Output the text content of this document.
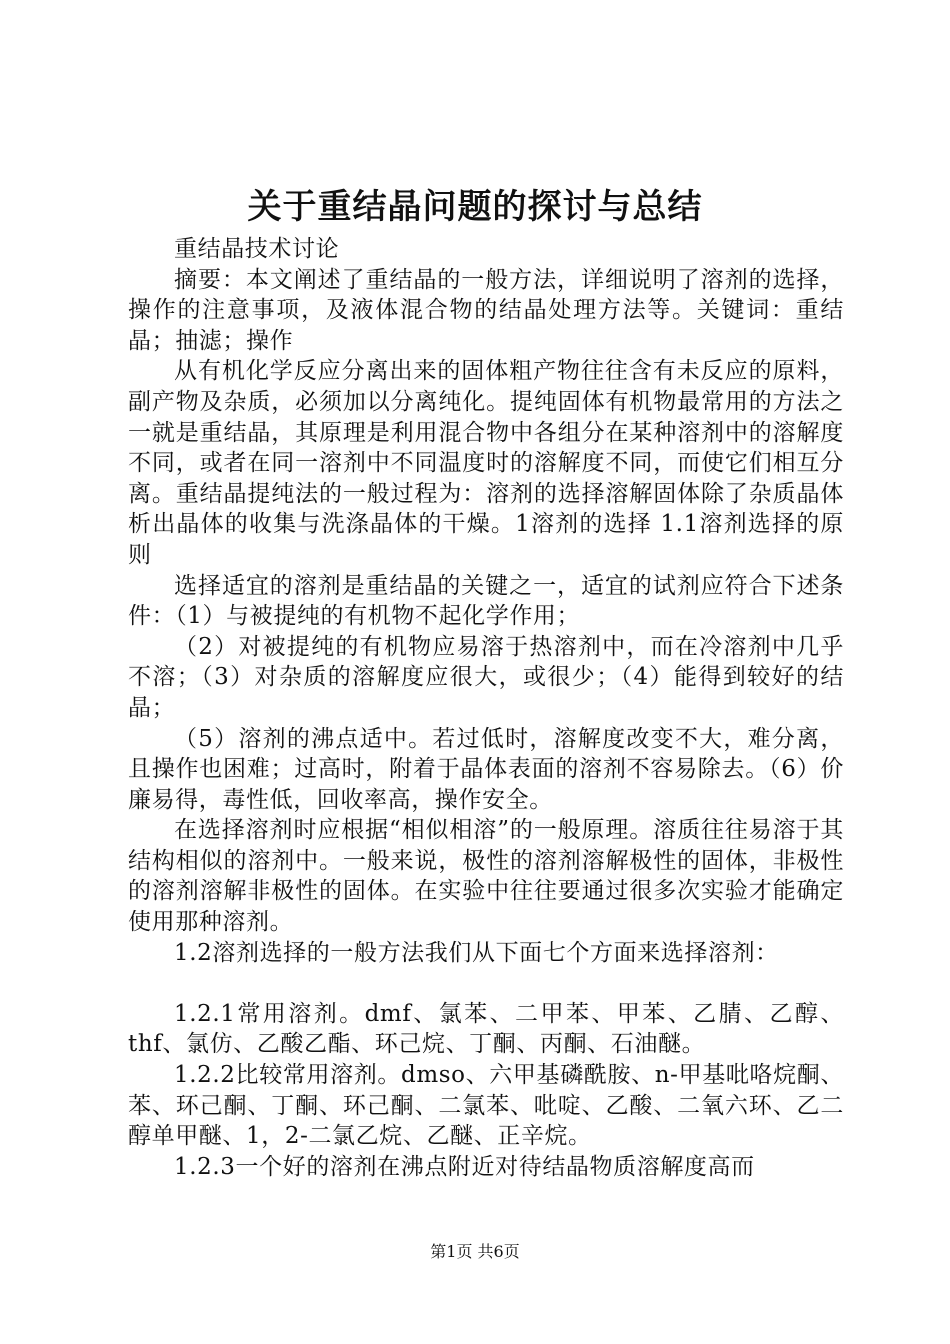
关于重结晶问题的探讨与总结

重结晶技术讨论

摘要：本文阐述了重结晶的一般方法，详细说明了溶剂的选择，操作的注意事项，及液体混合物的结晶处理方法等。关键词：重结晶；抽滤；操作

从有机化学反应分离出来的固体粗产物往往含有未反应的原料，副产物及杂质，必须加以分离纯化。提纯固体有机物最常用的方法之一就是重结晶，其原理是利用混合物中各组分在某种溶剂中的溶解度不同，或者在同一溶剂中不同温度时的溶解度不同，而使它们相互分离。重结晶提纯法的一般过程为：溶剂的选择溶解固体除了杂质晶体析出晶体的收集与洗涤晶体的干燥。1溶剂的选择 1.1溶剂选择的原则

选择适宜的溶剂是重结晶的关键之一，适宜的试剂应符合下述条件：（1）与被提纯的有机物不起化学作用；

（2）对被提纯的有机物应易溶于热溶剂中，而在冷溶剂中几乎不溶；（3）对杂质的溶解度应很大，或很少；（4）能得到较好的结晶；

（5）溶剂的沸点适中。若过低时，溶解度改变不大，难分离，且操作也困难；过高时，附着于晶体表面的溶剂不容易除去。（6）价廉易得，毒性低，回收率高，操作安全。

在选择溶剂时应根据“相似相溶”的一般原理。溶质往往易溶于其结构相似的溶剂中。一般来说，极性的溶剂溶解极性的固体，非极性的溶剂溶解非极性的固体。在实验中往往要通过很多次实验才能确定使用那种溶剂。

1.2溶剂选择的一般方法我们从下面七个方面来选择溶剂：

1.2.1常用溶剂。dmf、氯苯、二甲苯、甲苯、乙腈、乙醇、thf、氯仿、乙酸乙酯、环己烷、丁酮、丙酮、石油醚。

1.2.2比较常用溶剂。dmso、六甲基磷酰胺、n-甲基吡咯烷酮、苯、环己酮、丁酮、环己酮、二氯苯、吡啶、乙酸、二氧六环、乙二醇单甲醚、1，2-二氯乙烷、乙醚、正辛烷。

1.2.3一个好的溶剂在沸点附近对待结晶物质溶解度高而

第1页 共6页
